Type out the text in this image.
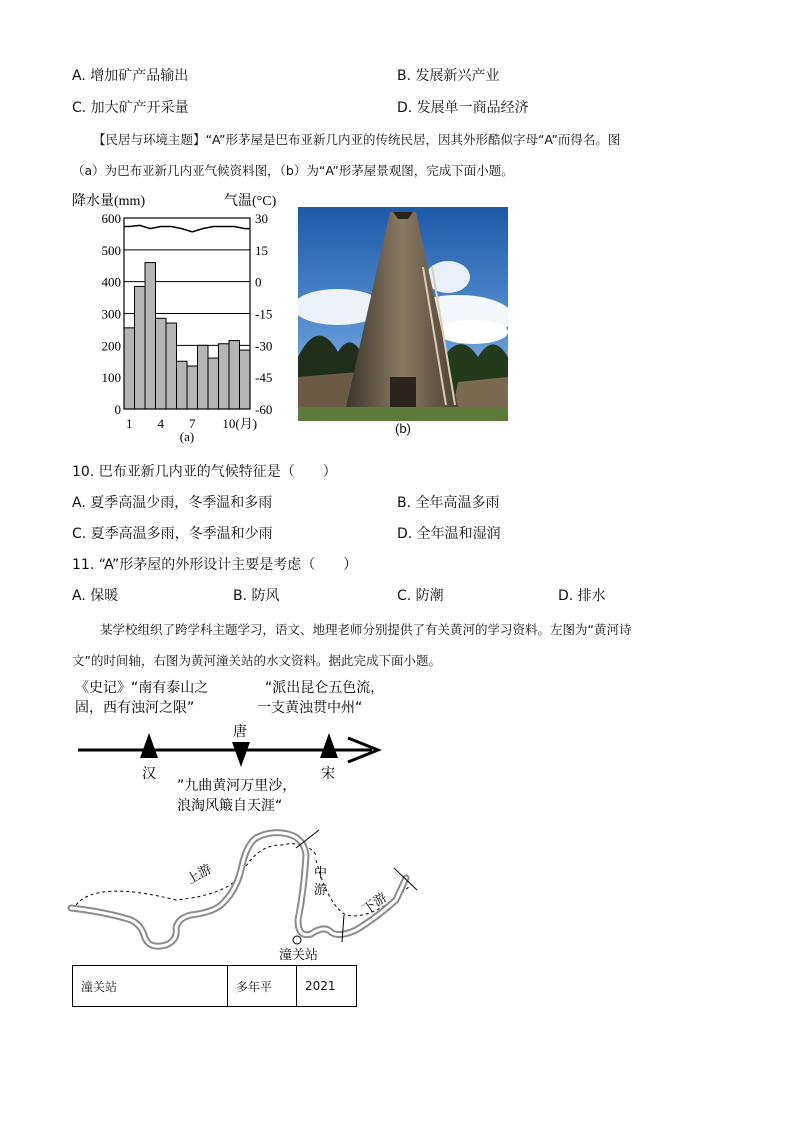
A. 增加矿产品输出	B. 发展新兴产业
C. 加大矿产开采量	D. 发展单一商品经济
【民居与环境主题】“A”形茅屋是巴布亚新几内亚的传统民居，因其外形酷似字母“A”而得名。图
（a）为巴布亚新几内亚气候资料图，（b）为“A”形茅屋景观图，完成下面小题。
降水量(mm)	气温(°C)
600
500
400
300
200
100
0
30
15
0
-15
-30
-45
-60
1 4 7 10(月)
(a)
(b)
10. 巴布亚新几内亚的气候特征是（　　）
A. 夏季高温少雨，冬季温和多雨	B. 全年高温多雨
C. 夏季高温多雨，冬季温和少雨	D. 全年温和湿润
11. “A”形茅屋的外形设计主要是考虑（　　）
A. 保暖	B. 防风	C. 防潮	D. 排水
某学校组织了跨学科主题学习，语文、地理老师分别提供了有关黄河的学习资料。左图为“黄河诗
文”的时间轴，右图为黄河潼关站的水文资料。据此完成下面小题。
《史记》“南有泰山之
固，西有浊河之限”
“派出昆仑五色流，
一支黄浊贯中州“
”九曲黄河万里沙，
浪淘风簸自天涯“
唐
汉	宋
上游	中
游	下游
潼关站
潼关站	多年平	2021
